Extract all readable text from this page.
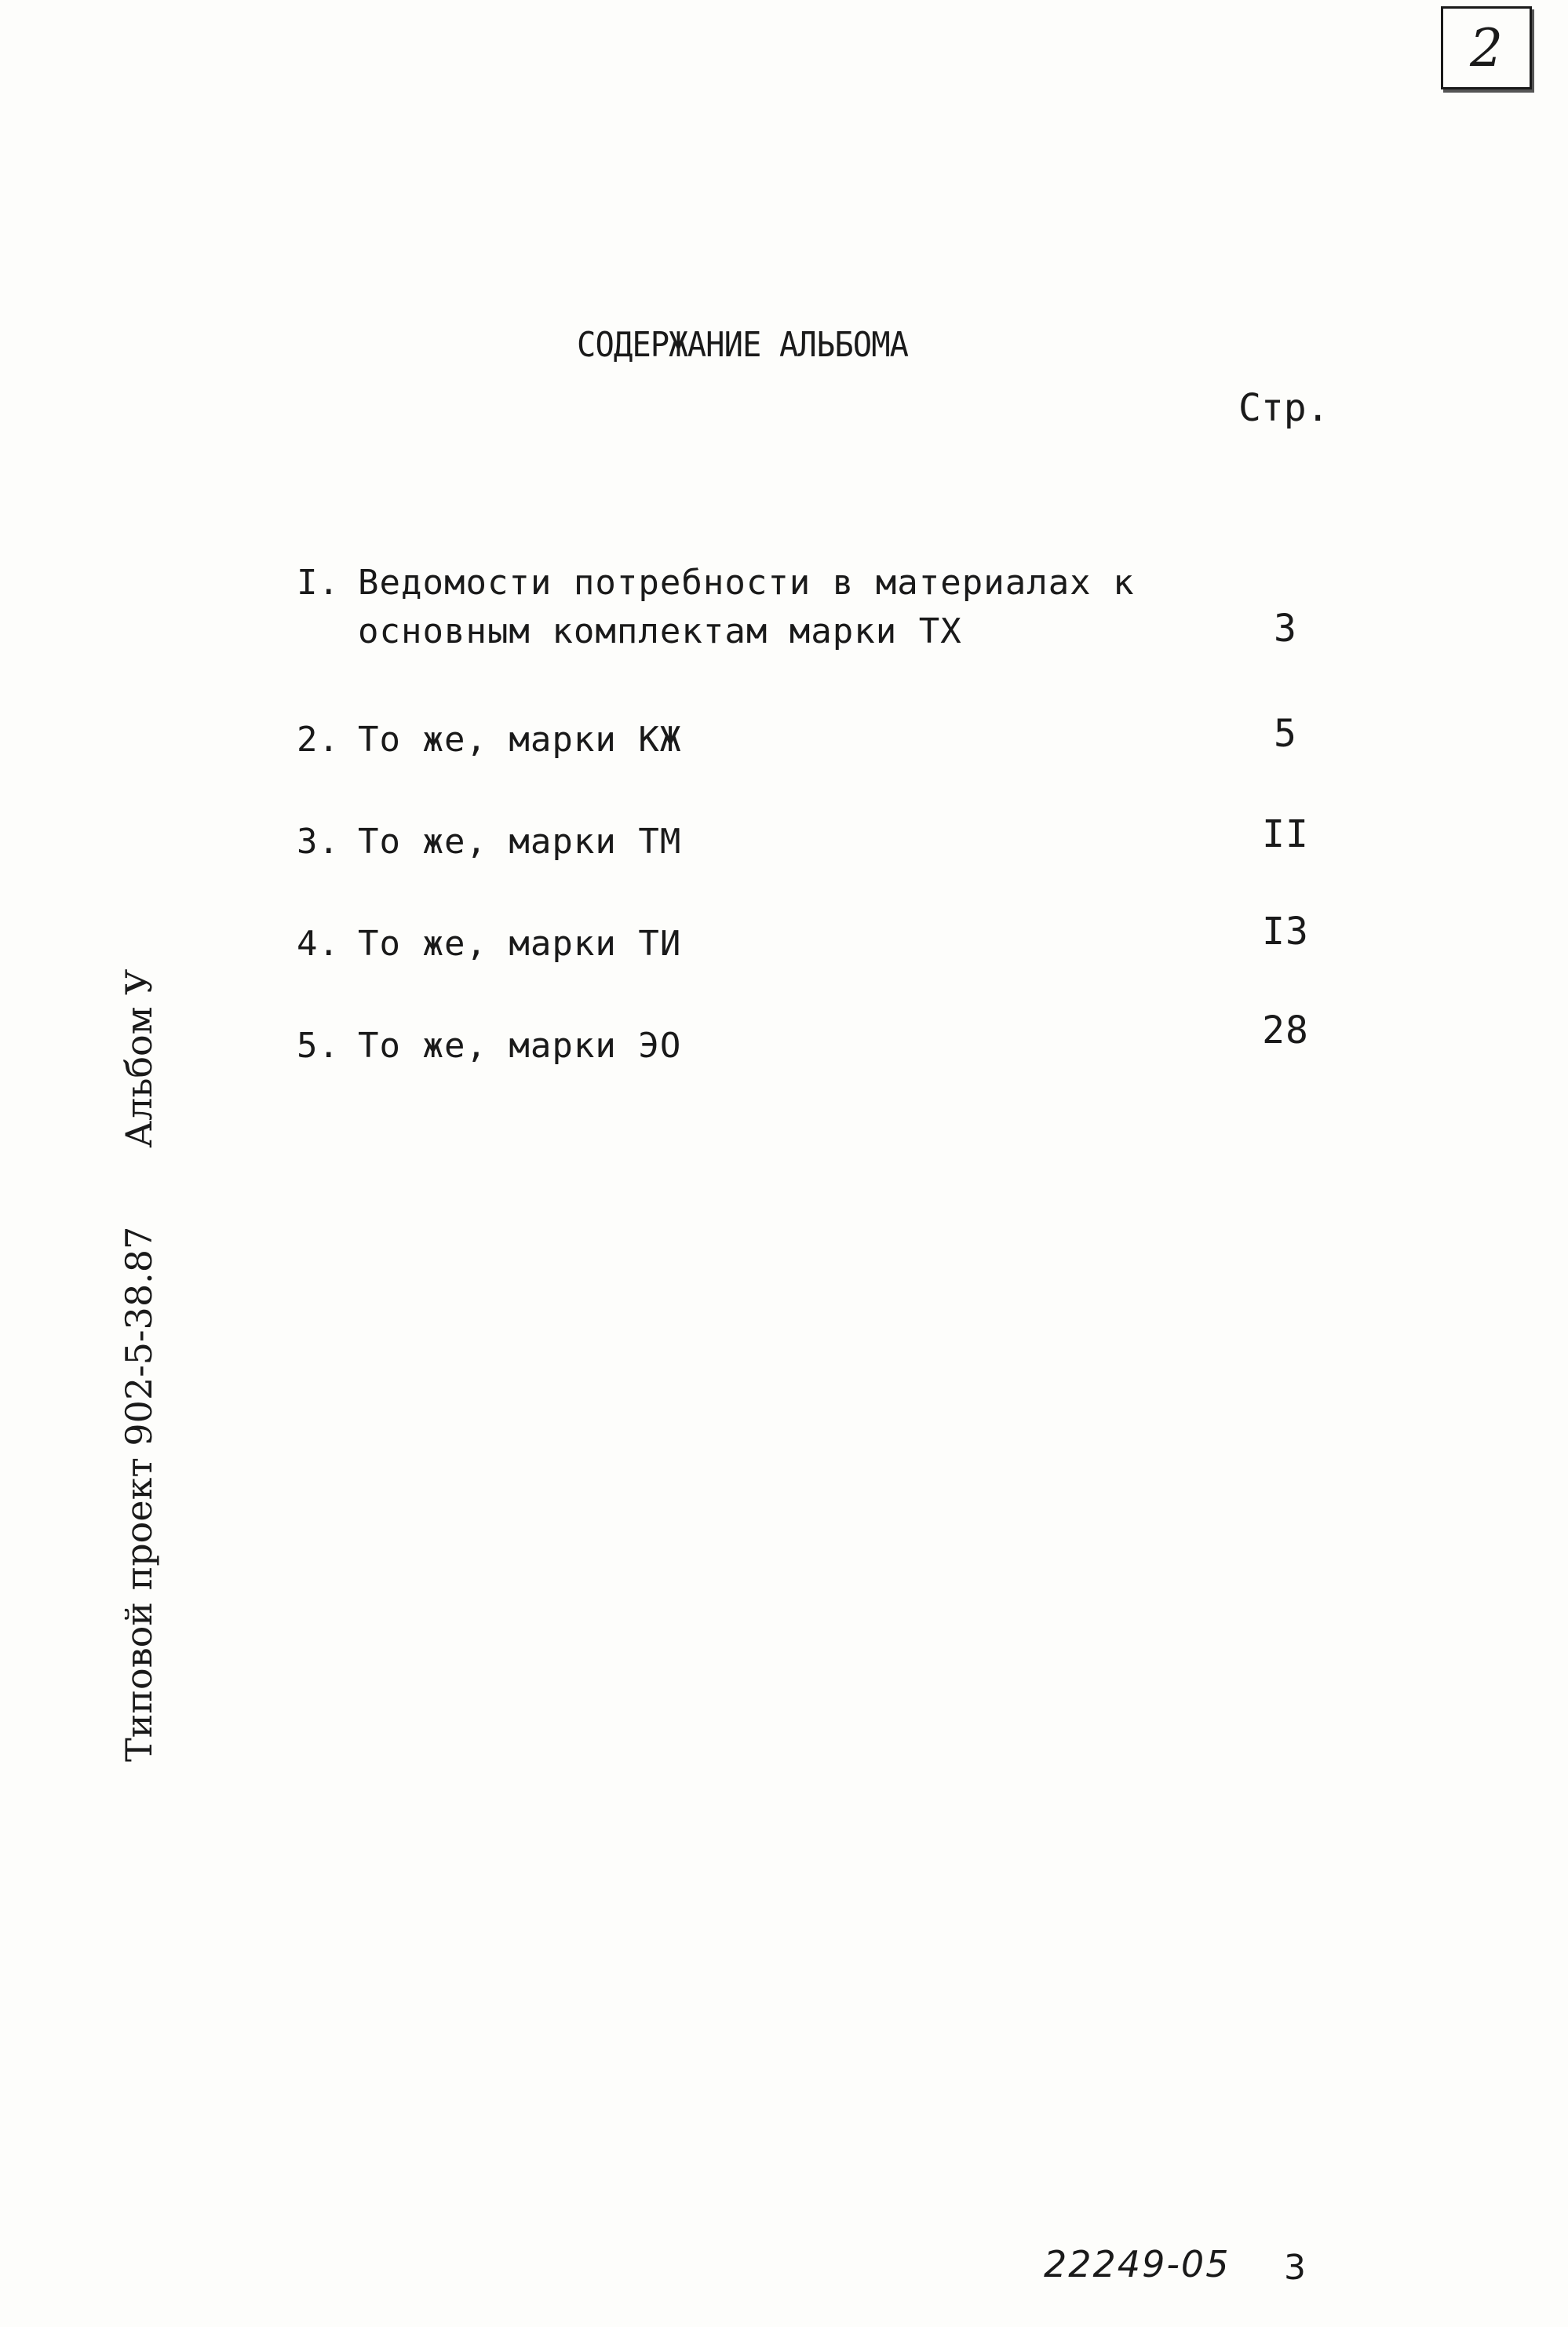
2
СОДЕРЖАНИЕ АЛЬБОМА
Стр.
I. Ведомости потребности в материалах к основным комплектам марки ТХ	3
2. То же, марки КЖ	5
3. То же, марки ТМ	II
4. То же, марки ТИ	I3
5. То же, марки ЭО	28
Типовой проект 902-5-38.87Альбом У
22249-05 3
